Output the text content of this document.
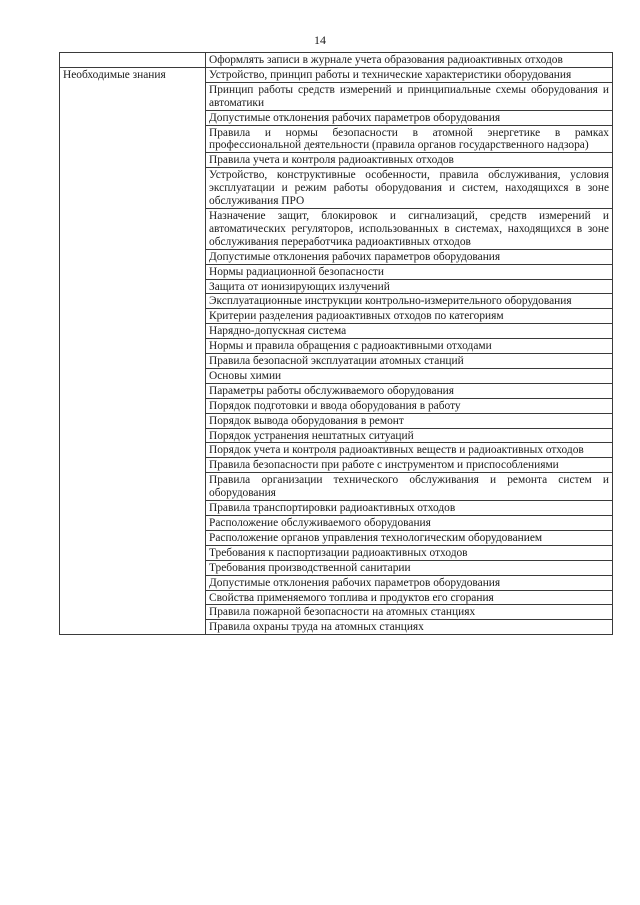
14
	Оформлять записи в журнале учета образования радиоактивных отходов
Необходимые знания	Устройство, принцип работы и технические характеристики оборудования
	Принцип работы средств измерений и принципиальные схемы оборудования и автоматики
	Допустимые отклонения рабочих параметров оборудования
	Правила и нормы безопасности в атомной энергетике в рамках профессиональной деятельности (правила органов государственного надзора)
	Правила учета и контроля радиоактивных отходов
	Устройство, конструктивные особенности, правила обслуживания, условия эксплуатации и режим работы оборудования и систем, находящихся в зоне обслуживания ПРО
	Назначение защит, блокировок и сигнализаций, средств измерений и автоматических регуляторов, использованных в системах, находящихся в зоне обслуживания переработчика радиоактивных отходов
	Допустимые отклонения рабочих параметров оборудования
	Нормы радиационной безопасности
	Защита от ионизирующих излучений
	Эксплуатационные инструкции контрольно-измерительного оборудования
	Критерии разделения радиоактивных отходов по категориям
	Нарядно-допускная система
	Нормы и правила обращения с радиоактивными отходами
	Правила безопасной эксплуатации атомных станций
	Основы химии
	Параметры работы обслуживаемого оборудования
	Порядок подготовки и ввода оборудования в работу
	Порядок вывода оборудования в ремонт
	Порядок устранения нештатных ситуаций
	Порядок учета и контроля радиоактивных веществ и радиоактивных отходов
	Правила безопасности при работе с инструментом и приспособлениями
	Правила организации технического обслуживания и ремонта систем и оборудования
	Правила транспортировки радиоактивных отходов
	Расположение обслуживаемого оборудования
	Расположение органов управления технологическим оборудованием
	Требования к паспортизации радиоактивных отходов
	Требования производственной санитарии
	Допустимые отклонения рабочих параметров оборудования
	Свойства применяемого топлива и продуктов его сгорания
	Правила пожарной безопасности на атомных станциях
	Правила охраны труда на атомных станциях
